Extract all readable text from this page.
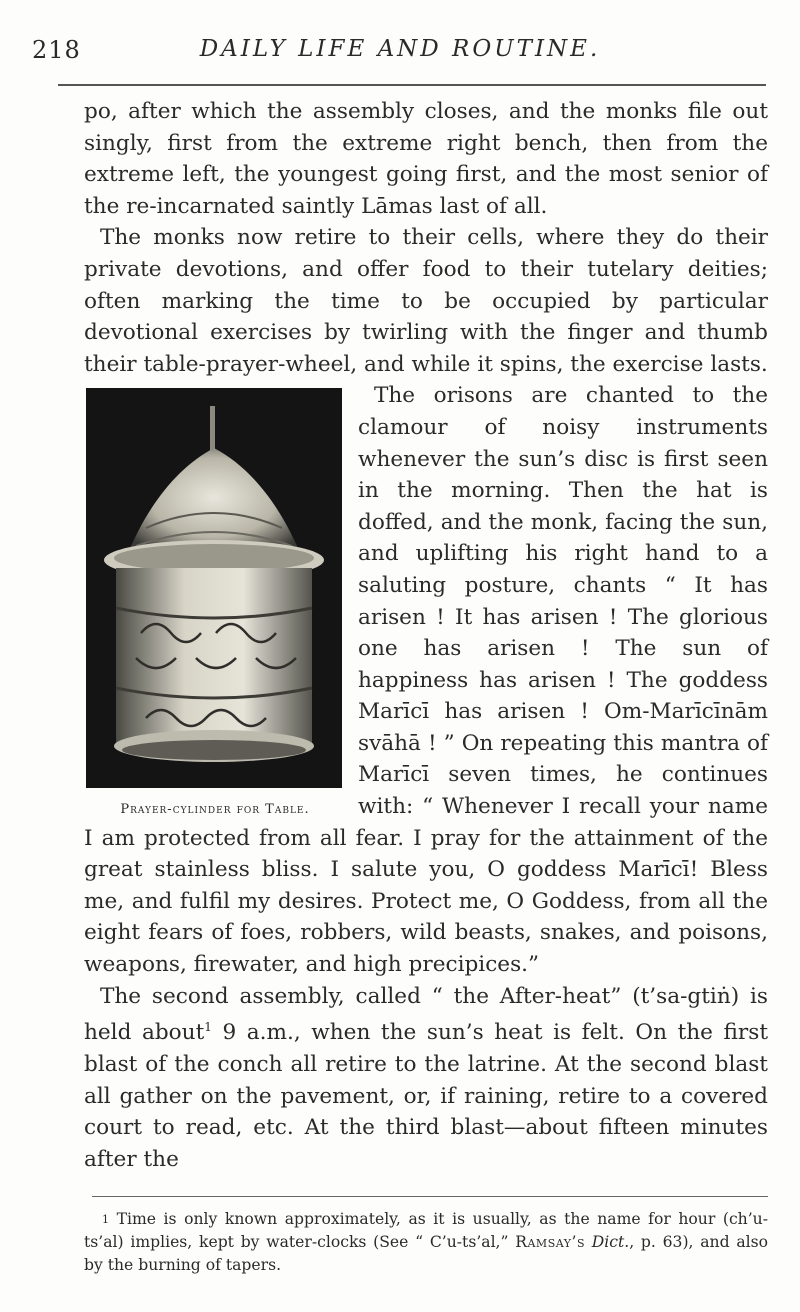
218	DAILY LIFE AND ROUTINE.

po, after which the assembly closes, and the monks file out singly, first from the extreme right bench, then from the extreme left, the youngest going first, and the most senior of the re-incarnated saintly Lāmas last of all.

The monks now retire to their cells, where they do their private devotions, and offer food to their tutelary deities; often marking the time to be occupied by particular devotional exercises by twirling with the finger and thumb their table-prayer-wheel, and while it spins, the exercise lasts.

Prayer-cylinder for Table.

The orisons are chanted to the clamour of noisy instruments whenever the sun’s disc is first seen in the morning. Then the hat is doffed, and the monk, facing the sun, and uplifting his right hand to a saluting posture, chants “ It has arisen ! It has arisen ! The glorious one has arisen ! The sun of happiness has arisen ! The goddess Marīcī has arisen ! Om-Marīcīnām svāhā ! ” On repeating this mantra of Marīcī seven times, he continues with: “ Whenever I recall your name I am protected from all fear. I pray for the attainment of the great stainless bliss. I salute you, O goddess Marīcī! Bless me, and fulfil my desires. Protect me, O Goddess, from all the eight fears of foes, robbers, wild beasts, snakes, and poisons, weapons, firewater, and high precipices.”

The second assembly, called “ the After-heat” (t’sa-gtiṅ) is held about$^1$ 9 a.m., when the sun’s heat is felt. On the first blast of the conch all retire to the latrine. At the second blast all gather on the pavement, or, if raining, retire to a covered court to read, etc. At the third blast—about fifteen minutes after the

$^1$ Time is only known approximately, as it is usually, as the name for hour (ch’u-ts’al) implies, kept by water-clocks (See “ C’u-ts’al,” Ramsay’s Dict., p. 63), and also by the burning of tapers.
